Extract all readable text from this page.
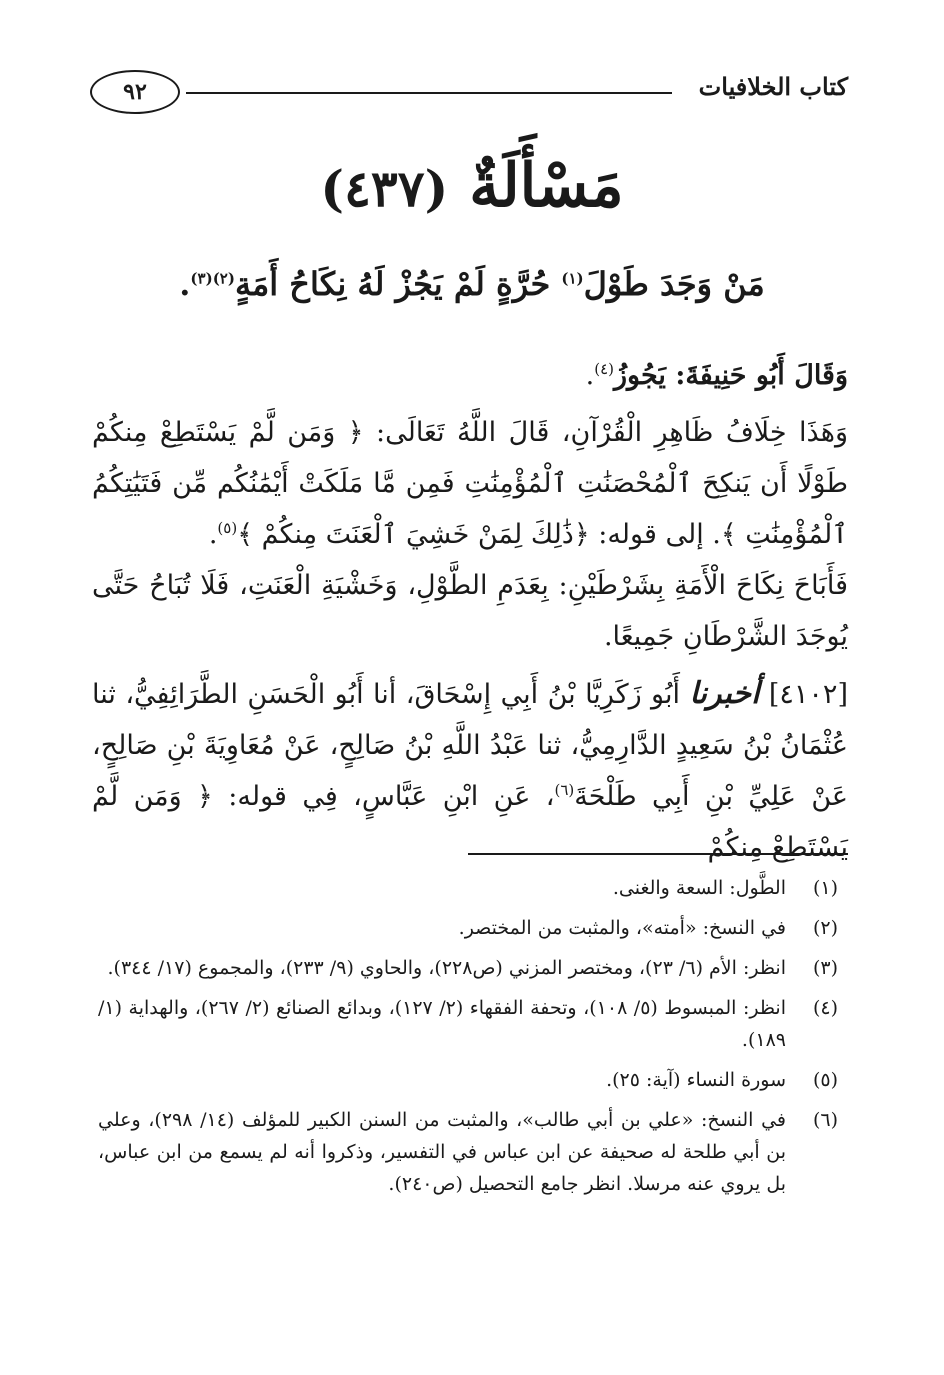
٩٢	كتاب الخلافيات
مَسْأَلَةٌ (٤٣٧)
مَنْ وَجَدَ طَوْلَ$^{(١)}$ حُرَّةٍ لَمْ يَجُزْ لَهُ نِكَاحُ أَمَةٍ$^{(٢)(٣)}$.

وَقَالَ أَبُو حَنِيفَةَ: يَجُوزُ$^{(٤)}$.

وَهَذَا خِلَافُ ظَاهِرِ الْقُرْآنِ، قَالَ اللَّهُ تَعَالَى: ﴿ وَمَن لَّمْ يَسْتَطِعْ مِنكُمْ طَوْلًا أَن يَنكِحَ ٱلْمُحْصَنَٰتِ ٱلْمُؤْمِنَٰتِ فَمِن مَّا مَلَكَتْ أَيْمَٰنُكُم مِّن فَتَيَٰتِكُمُ ٱلْمُؤْمِنَٰتِ ﴾. إلى قوله: ﴿ذَٰلِكَ لِمَنْ خَشِيَ ٱلْعَنَتَ مِنكُمْ ﴾$^{(٥)}$.

فَأَبَاحَ نِكَاحَ الْأَمَةِ بِشَرْطَيْنِ: بِعَدَمِ الطَّوْلِ، وَخَشْيَةِ الْعَنَتِ، فَلَا تُبَاحُ حَتَّى يُوجَدَ الشَّرْطَانِ جَمِيعًا.

[٤١٠٢] أخبرنا أَبُو زَكَرِيَّا بْنُ أَبِي إِسْحَاقَ، أنا أَبُو الْحَسَنِ الطَّرَائِفِيُّ، ثنا عُثْمَانُ بْنُ سَعِيدٍ الدَّارِمِيُّ، ثنا عَبْدُ اللَّهِ بْنُ صَالِحٍ، عَنْ مُعَاوِيَةَ بْنِ صَالِحٍ، عَنْ عَلِيِّ بْنِ أَبِي طَلْحَةَ$^{(٦)}$، عَنِ ابْنِ عَبَّاسٍ، فِي قوله: ﴿ وَمَن لَّمْ يَسْتَطِعْ مِنكُمْ

(١)
الطَّول: السعة والغنى.
(٢)
في النسخ: «أمته»، والمثبت من المختصر.
(٣)
انظر: الأم (٦/ ٢٣)، ومختصر المزني (ص٢٢٨)، والحاوي (٩/ ٢٣٣)، والمجموع (١٧/ ٣٤٤).
(٤)
انظر: المبسوط (٥/ ١٠٨)، وتحفة الفقهاء (٢/ ١٢٧)، وبدائع الصنائع (٢/ ٢٦٧)، والهداية (١/ ١٨٩).
(٥)
سورة النساء (آية: ٢٥).
(٦)
في النسخ: «علي بن أبي طالب»، والمثبت من السنن الكبير للمؤلف (١٤/ ٢٩٨)، وعلي بن أبي طلحة له صحيفة عن ابن عباس في التفسير، وذكروا أنه لم يسمع من ابن عباس، بل يروي عنه مرسلا. انظر جامع التحصيل (ص٢٤٠).
